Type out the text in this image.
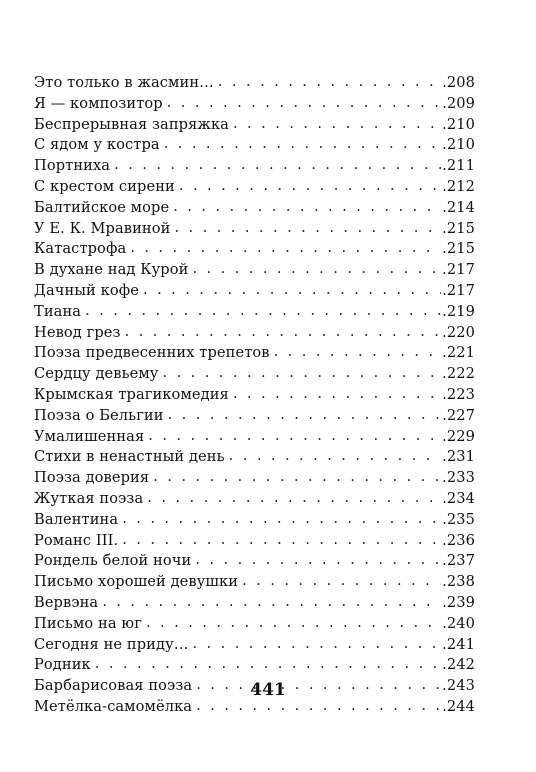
Это только в жасмин… . . .	.208
Я — композитор . . .	.209
Беспрерывная запряжка . . .	.210
С ядом у костра . . .	.210
Портниха . . .	.211
С крестом сирени . . .	.212
Балтийское море . . .	.214
У Е. К. Мравиной . . .	.215
Катастрофа . . .	.215
В духане над Курой . . .	.217
Дачный кофе . . .	.217
Тиана . . .	.219
Невод грез . . .	.220
Поэза предвесенних трепетов . . .	.221
Сердцу девьему . . .	.222
Крымская трагикомедия . . .	.223
Поэза о Бельгии . . .	.227
Умалишенная . . .	.229
Стихи в ненастный день . . .	.231
Поэза доверия . . .	.233
Жуткая поэза . . .	.234
Валентина . . .	.235
Романс III. . . .	.236
Рондель белой ночи . . .	.237
Письмо хорошей девушки . . .	.238
Вервэна . . .	.239
Письмо на юг . . .	.240
Сегодня не приду… . . .	.241
Родник . . .	.242
Барбарисовая поэза . . .	.243
Метёлка-самомёлка . . .	.244
441
